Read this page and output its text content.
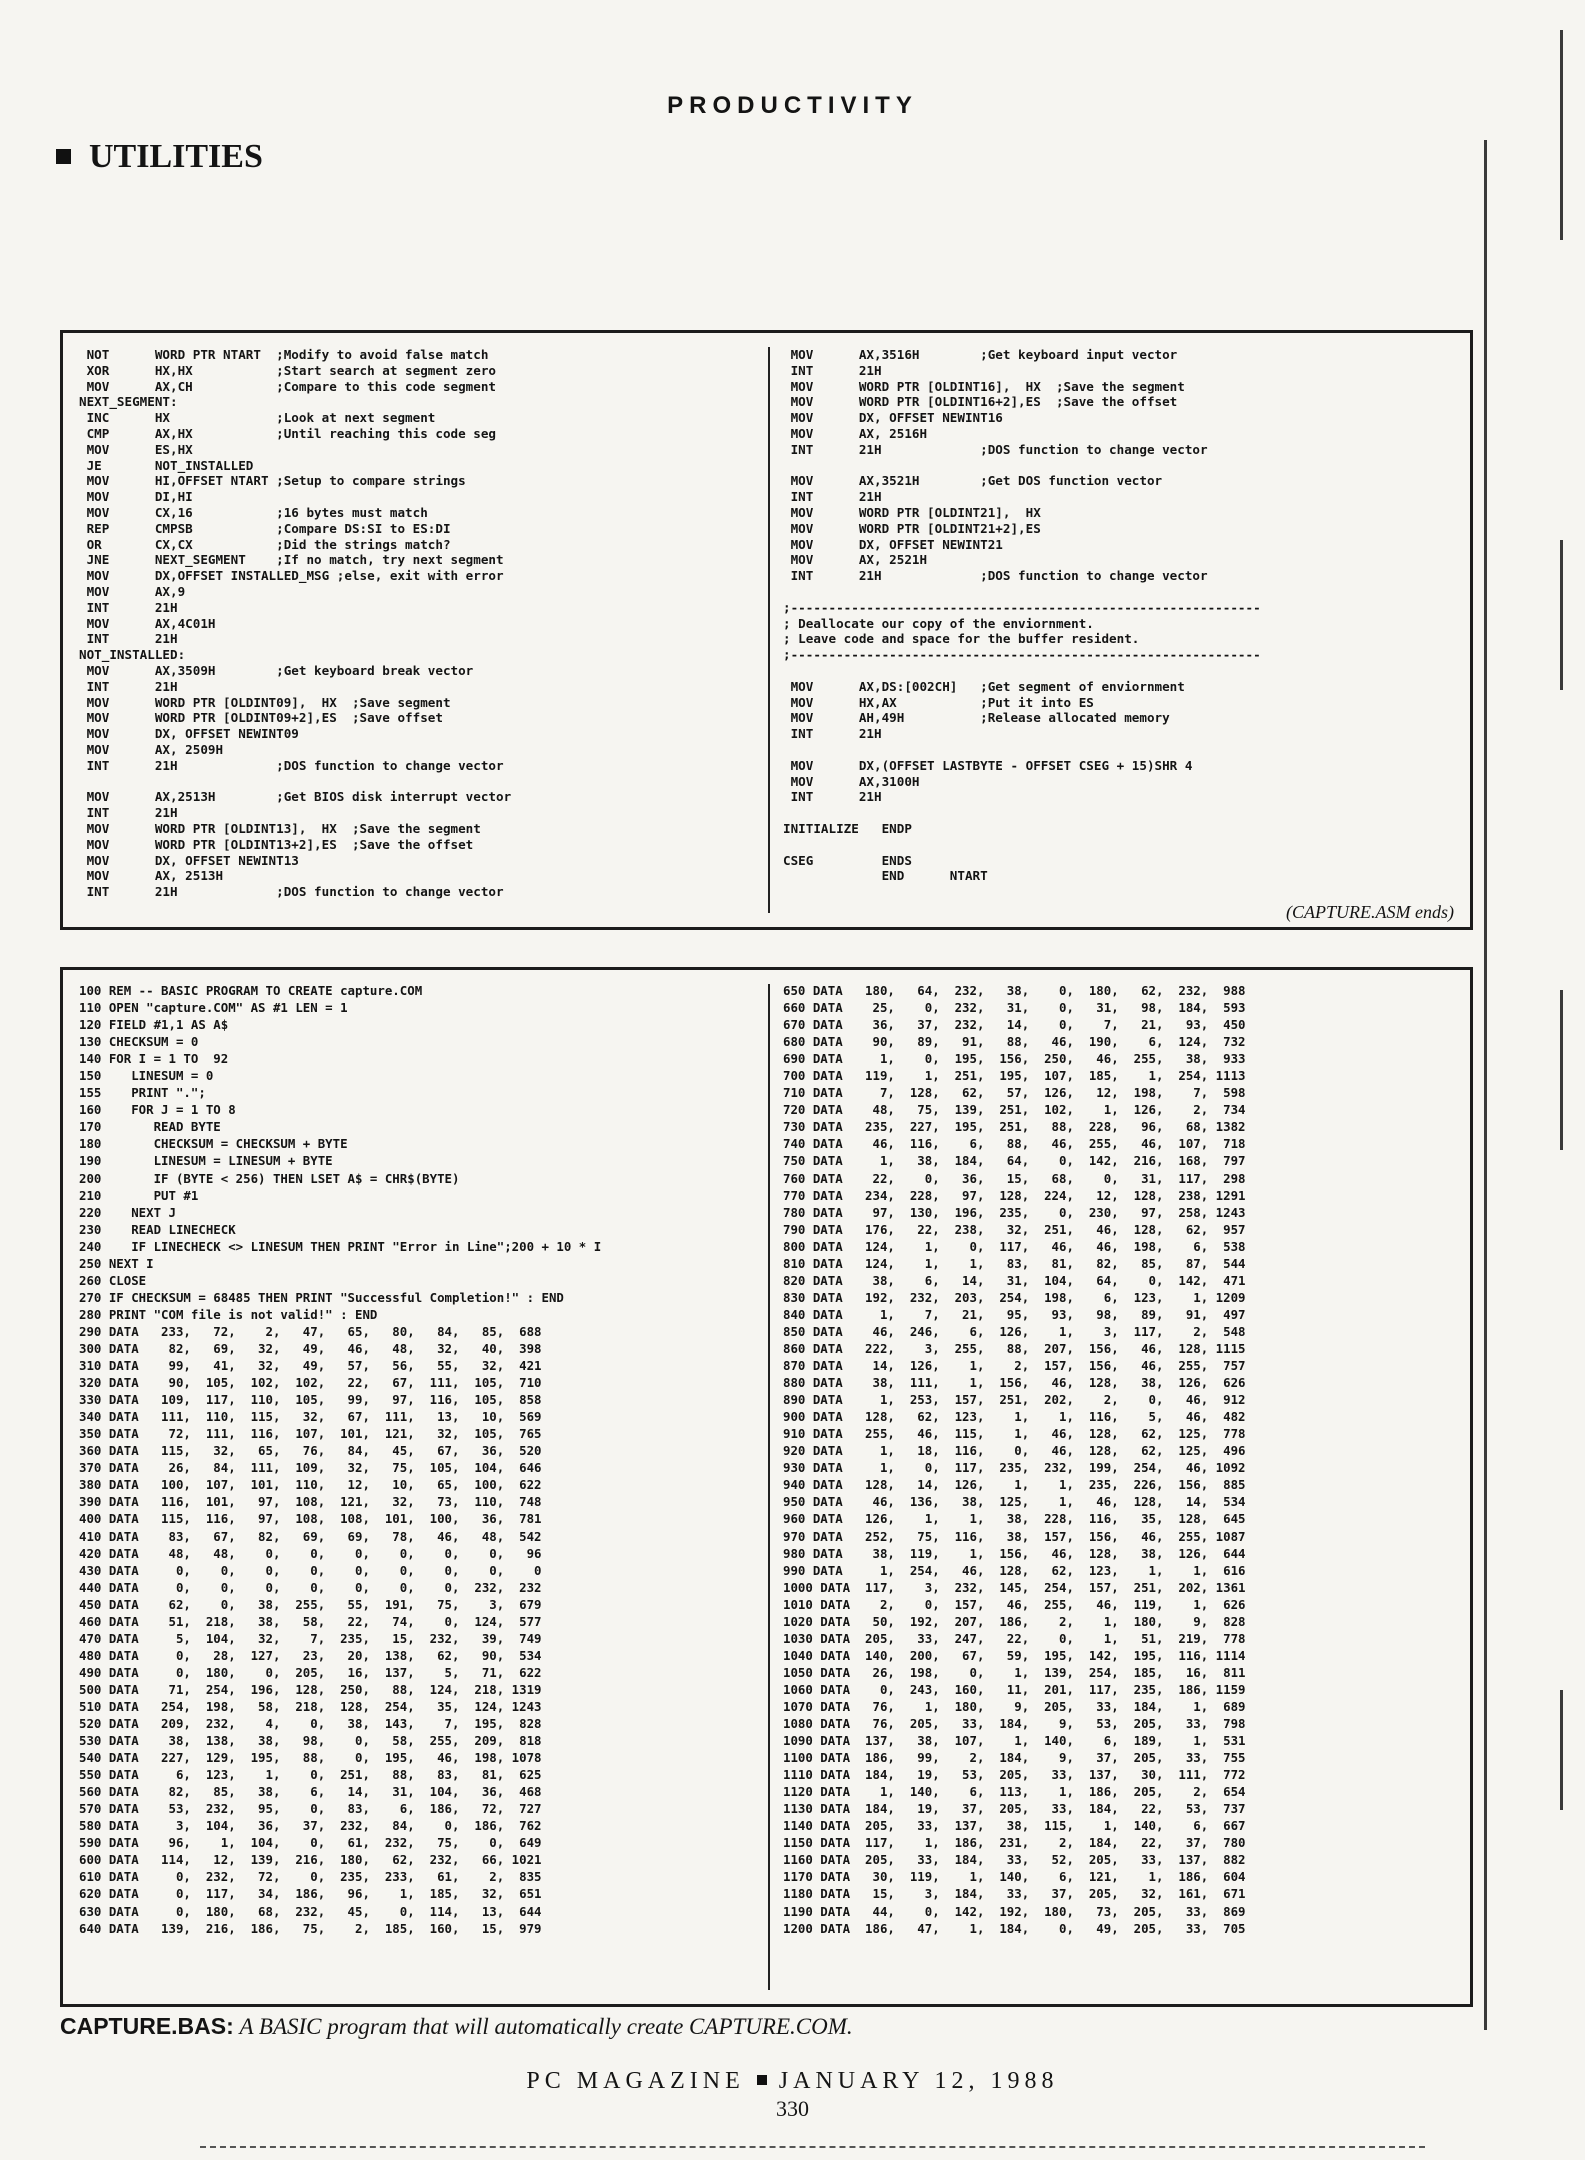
PRODUCTIVITY
UTILITIES

NOT      WORD PTR NTART  ;Modify to avoid false match
XOR      HX,HX           ;Start search at segment zero
MOV      AX,CH           ;Compare to this code segment
NEXT_SEGMENT:
INC      HX              ;Look at next segment
CMP      AX,HX           ;Until reaching this code seg
MOV      ES,HX
JE       NOT_INSTALLED
MOV      HI,OFFSET NTART ;Setup to compare strings
MOV      DI,HI
MOV      CX,16           ;16 bytes must match
REP      CMPSB           ;Compare DS:SI to ES:DI
OR       CX,CX           ;Did the strings match?
JNE      NEXT_SEGMENT    ;If no match, try next segment
MOV      DX,OFFSET INSTALLED_MSG ;else, exit with error
MOV      AX,9
INT      21H
MOV      AX,4C01H
INT      21H
NOT_INSTALLED:
MOV      AX,3509H        ;Get keyboard break vector
INT      21H
MOV      WORD PTR [OLDINT09],  HX  ;Save segment
MOV      WORD PTR [OLDINT09+2],ES  ;Save offset
MOV      DX, OFFSET NEWINT09
MOV      AX, 2509H
INT      21H             ;DOS function to change vector

MOV      AX,2513H        ;Get BIOS disk interrupt vector
INT      21H
MOV      WORD PTR [OLDINT13],  HX  ;Save the segment
MOV      WORD PTR [OLDINT13+2],ES  ;Save the offset
MOV      DX, OFFSET NEWINT13
MOV      AX, 2513H
INT      21H             ;DOS function to change vector

MOV      AX,3516H        ;Get keyboard input vector
INT      21H
MOV      WORD PTR [OLDINT16],  HX  ;Save the segment
MOV      WORD PTR [OLDINT16+2],ES  ;Save the offset
MOV      DX, OFFSET NEWINT16
MOV      AX, 2516H
INT      21H             ;DOS function to change vector

MOV      AX,3521H        ;Get DOS function vector
INT      21H
MOV      WORD PTR [OLDINT21],  HX
MOV      WORD PTR [OLDINT21+2],ES
MOV      DX, OFFSET NEWINT21
MOV      AX, 2521H
INT      21H             ;DOS function to change vector

;--------------------------------------------------------------
; Deallocate our copy of the enviornment.
; Leave code and space for the buffer resident.
;--------------------------------------------------------------

MOV      AX,DS:[002CH]   ;Get segment of enviornment
MOV      HX,AX           ;Put it into ES
MOV      AH,49H          ;Release allocated memory
INT      21H

MOV      DX,(OFFSET LASTBYTE - OFFSET CSEG + 15)SHR 4
MOV      AX,3100H
INT      21H

INITIALIZE   ENDP

CSEG         ENDS
END      NTART

(CAPTURE.ASM ends)

100 REM -- BASIC PROGRAM TO CREATE capture.COM
110 OPEN "capture.COM" AS #1 LEN = 1
120 FIELD #1,1 AS A$
130 CHECKSUM = 0
140 FOR I = 1 TO  92
150    LINESUM = 0
155    PRINT ".";
160    FOR J = 1 TO 8
170       READ BYTE
180       CHECKSUM = CHECKSUM + BYTE
190       LINESUM = LINESUM + BYTE
200       IF (BYTE < 256) THEN LSET A$ = CHR$(BYTE)
210       PUT #1
220    NEXT J
230    READ LINECHECK
240    IF LINECHECK <> LINESUM THEN PRINT "Error in Line";200 + 10 * I
250 NEXT I
260 CLOSE
270 IF CHECKSUM = 68485 THEN PRINT "Successful Completion!" : END
280 PRINT "COM file is not valid!" : END
290 DATA   233,   72,    2,   47,   65,   80,   84,   85,  688
300 DATA    82,   69,   32,   49,   46,   48,   32,   40,  398
310 DATA    99,   41,   32,   49,   57,   56,   55,   32,  421
320 DATA    90,  105,  102,  102,   22,   67,  111,  105,  710
330 DATA   109,  117,  110,  105,   99,   97,  116,  105,  858
340 DATA   111,  110,  115,   32,   67,  111,   13,   10,  569
350 DATA    72,  111,  116,  107,  101,  121,   32,  105,  765
360 DATA   115,   32,   65,   76,   84,   45,   67,   36,  520
370 DATA    26,   84,  111,  109,   32,   75,  105,  104,  646
380 DATA   100,  107,  101,  110,   12,   10,   65,  100,  622
390 DATA   116,  101,   97,  108,  121,   32,   73,  110,  748
400 DATA   115,  116,   97,  108,  108,  101,  100,   36,  781
410 DATA    83,   67,   82,   69,   69,   78,   46,   48,  542
420 DATA    48,   48,    0,    0,    0,    0,    0,    0,   96
430 DATA     0,    0,    0,    0,    0,    0,    0,    0,    0
440 DATA     0,    0,    0,    0,    0,    0,    0,  232,  232
450 DATA    62,    0,   38,  255,   55,  191,   75,    3,  679
460 DATA    51,  218,   38,   58,   22,   74,    0,  124,  577
470 DATA     5,  104,   32,    7,  235,   15,  232,   39,  749
480 DATA     0,   28,  127,   23,   20,  138,   62,   90,  534
490 DATA     0,  180,    0,  205,   16,  137,    5,   71,  622
500 DATA    71,  254,  196,  128,  250,   88,  124,  218, 1319
510 DATA   254,  198,   58,  218,  128,  254,   35,  124, 1243
520 DATA   209,  232,    4,    0,   38,  143,    7,  195,  828
530 DATA    38,  138,   38,   98,    0,   58,  255,  209,  818
540 DATA   227,  129,  195,   88,    0,  195,   46,  198, 1078
550 DATA     6,  123,    1,    0,  251,   88,   83,   81,  625
560 DATA    82,   85,   38,    6,   14,   31,  104,   36,  468
570 DATA    53,  232,   95,    0,   83,    6,  186,   72,  727
580 DATA     3,  104,   36,   37,  232,   84,    0,  186,  762
590 DATA    96,    1,  104,    0,   61,  232,   75,    0,  649
600 DATA   114,   12,  139,  216,  180,   62,  232,   66, 1021
610 DATA     0,  232,   72,    0,  235,  233,   61,    2,  835
620 DATA     0,  117,   34,  186,   96,    1,  185,   32,  651
630 DATA     0,  180,   68,  232,   45,    0,  114,   13,  644
640 DATA   139,  216,  186,   75,    2,  185,  160,   15,  979

650 DATA   180,   64,  232,   38,    0,  180,   62,  232,  988
660 DATA    25,    0,  232,   31,    0,   31,   98,  184,  593
670 DATA    36,   37,  232,   14,    0,    7,   21,   93,  450
680 DATA    90,   89,   91,   88,   46,  190,    6,  124,  732
690 DATA     1,    0,  195,  156,  250,   46,  255,   38,  933
700 DATA   119,    1,  251,  195,  107,  185,    1,  254, 1113
710 DATA     7,  128,   62,   57,  126,   12,  198,    7,  598
720 DATA    48,   75,  139,  251,  102,    1,  126,    2,  734
730 DATA   235,  227,  195,  251,   88,  228,   96,   68, 1382
740 DATA    46,  116,    6,   88,   46,  255,   46,  107,  718
750 DATA     1,   38,  184,   64,    0,  142,  216,  168,  797
760 DATA    22,    0,   36,   15,   68,    0,   31,  117,  298
770 DATA   234,  228,   97,  128,  224,   12,  128,  238, 1291
780 DATA    97,  130,  196,  235,    0,  230,   97,  258, 1243
790 DATA   176,   22,  238,   32,  251,   46,  128,   62,  957
800 DATA   124,    1,    0,  117,   46,   46,  198,    6,  538
810 DATA   124,    1,    1,   83,   81,   82,   85,   87,  544
820 DATA    38,    6,   14,   31,  104,   64,    0,  142,  471
830 DATA   192,  232,  203,  254,  198,    6,  123,    1, 1209
840 DATA     1,    7,   21,   95,   93,   98,   89,   91,  497
850 DATA    46,  246,    6,  126,    1,    3,  117,    2,  548
860 DATA   222,    3,  255,   88,  207,  156,   46,  128, 1115
870 DATA    14,  126,    1,    2,  157,  156,   46,  255,  757
880 DATA    38,  111,    1,  156,   46,  128,   38,  126,  626
890 DATA     1,  253,  157,  251,  202,    2,    0,   46,  912
900 DATA   128,   62,  123,    1,    1,  116,    5,   46,  482
910 DATA   255,   46,  115,    1,   46,  128,   62,  125,  778
920 DATA     1,   18,  116,    0,   46,  128,   62,  125,  496
930 DATA     1,    0,  117,  235,  232,  199,  254,   46, 1092
940 DATA   128,   14,  126,    1,    1,  235,  226,  156,  885
950 DATA    46,  136,   38,  125,    1,   46,  128,   14,  534
960 DATA   126,    1,    1,   38,  228,  116,   35,  128,  645
970 DATA   252,   75,  116,   38,  157,  156,   46,  255, 1087
980 DATA    38,  119,    1,  156,   46,  128,   38,  126,  644
990 DATA     1,  254,   46,  128,   62,  123,    1,    1,  616
1000 DATA  117,    3,  232,  145,  254,  157,  251,  202, 1361
1010 DATA    2,    0,  157,   46,  255,   46,  119,    1,  626
1020 DATA   50,  192,  207,  186,    2,    1,  180,    9,  828
1030 DATA  205,   33,  247,   22,    0,    1,   51,  219,  778
1040 DATA  140,  200,   67,   59,  195,  142,  195,  116, 1114
1050 DATA   26,  198,    0,    1,  139,  254,  185,   16,  811
1060 DATA    0,  243,  160,   11,  201,  117,  235,  186, 1159
1070 DATA   76,    1,  180,    9,  205,   33,  184,    1,  689
1080 DATA   76,  205,   33,  184,    9,   53,  205,   33,  798
1090 DATA  137,   38,  107,    1,  140,    6,  189,    1,  531
1100 DATA  186,   99,    2,  184,    9,   37,  205,   33,  755
1110 DATA  184,   19,   53,  205,   33,  137,   30,  111,  772
1120 DATA    1,  140,    6,  113,    1,  186,  205,    2,  654
1130 DATA  184,   19,   37,  205,   33,  184,   22,   53,  737
1140 DATA  205,   33,  137,   38,  115,    1,  140,    6,  667
1150 DATA  117,    1,  186,  231,    2,  184,   22,   37,  780
1160 DATA  205,   33,  184,   33,   52,  205,   33,  137,  882
1170 DATA   30,  119,    1,  140,    6,  121,    1,  186,  604
1180 DATA   15,    3,  184,   33,   37,  205,   32,  161,  671
1190 DATA   44,    0,  142,  192,  180,   73,  205,   33,  869
1200 DATA  186,   47,    1,  184,    0,   49,  205,   33,  705

CAPTURE.BAS: A BASIC program that will automatically create CAPTURE.COM.
PC MAGAZINE JANUARY 12, 1988
330
